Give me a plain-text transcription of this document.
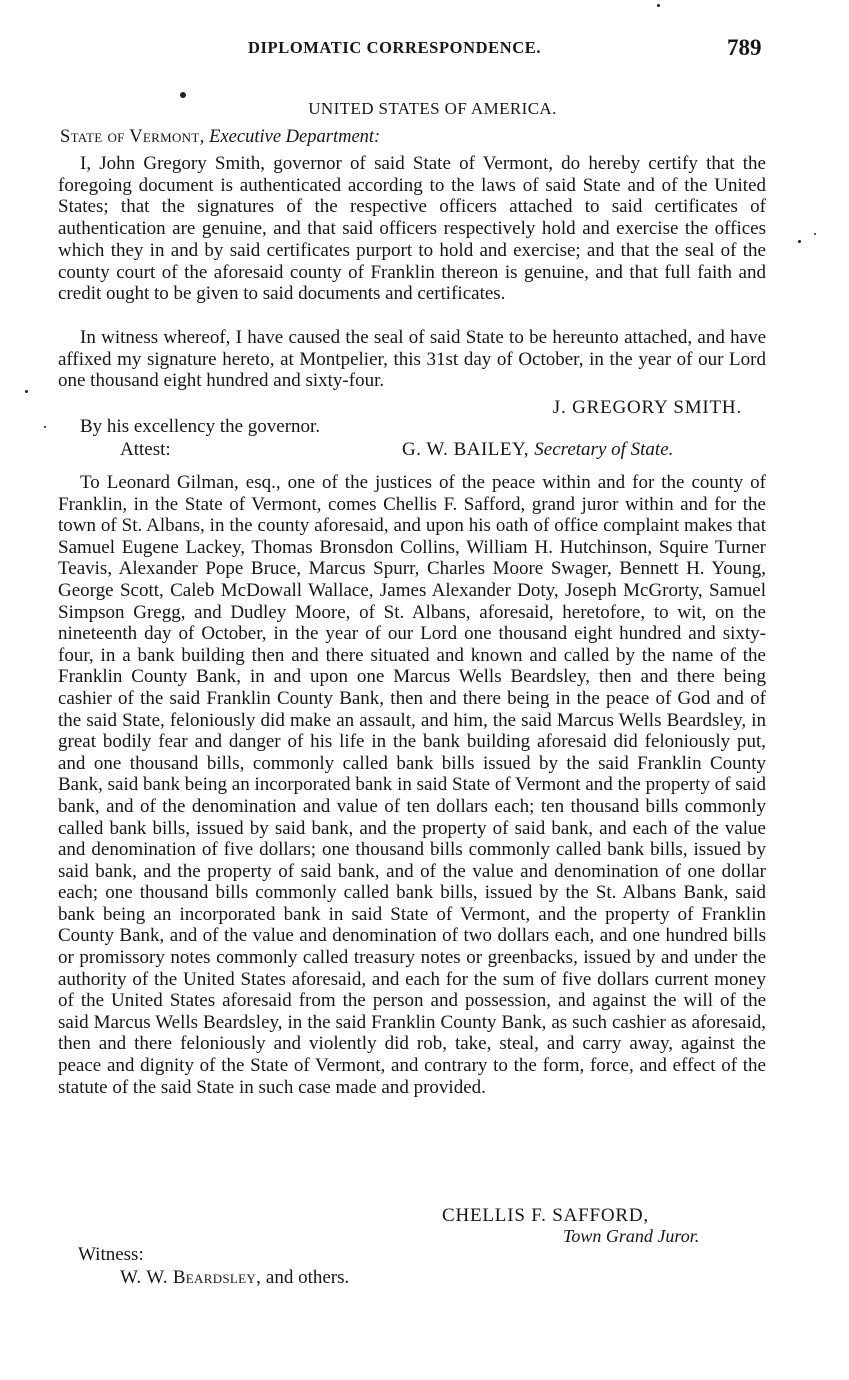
DIPLOMATIC CORRESPONDENCE.	789
UNITED STATES OF AMERICA.
State of Vermont, Executive Department:

I, John Gregory Smith, governor of said State of Vermont, do hereby certify that the foregoing document is authenticated according to the laws of said State and of the United States; that the signatures of the respective officers attached to said certificates of authentication are genuine, and that said officers respectively hold and exercise the offices which they in and by said certificates purport to hold and exercise; and that the seal of the county court of the aforesaid county of Franklin thereon is genuine, and that full faith and credit ought to be given to said documents and certificates.

In witness whereof, I have caused the seal of said State to be hereunto attached, and have affixed my signature hereto, at Montpelier, this 31st day of October, in the year of our Lord one thousand eight hundred and sixty-four.

J. GREGORY SMITH.
By his excellency the governor.
Attest:	G. W. BAILEY, Secretary of State.

To Leonard Gilman, esq., one of the justices of the peace within and for the county of Franklin, in the State of Vermont, comes Chellis F. Safford, grand juror within and for the town of St. Albans, in the county aforesaid, and upon his oath of office complaint makes that Samuel Eugene Lackey, Thomas Bronsdon Collins, William H. Hutchinson, Squire Turner Teavis, Alexander Pope Bruce, Marcus Spurr, Charles Moore Swager, Bennett H. Young, George Scott, Caleb McDowall Wallace, James Alexander Doty, Joseph McGrorty, Samuel Simpson Gregg, and Dudley Moore, of St. Albans, aforesaid, heretofore, to wit, on the nineteenth day of October, in the year of our Lord one thousand eight hundred and sixty-four, in a bank building then and there situated and known and called by the name of the Franklin County Bank, in and upon one Marcus Wells Beardsley, then and there being cashier of the said Franklin County Bank, then and there being in the peace of God and of the said State, feloniously did make an assault, and him, the said Marcus Wells Beardsley, in great bodily fear and danger of his life in the bank building aforesaid did feloniously put, and one thousand bills, commonly called bank bills issued by the said Franklin County Bank, said bank being an incorporated bank in said State of Vermont and the property of said bank, and of the denomination and value of ten dollars each; ten thousand bills commonly called bank bills, issued by said bank, and the property of said bank, and each of the value and denomination of five dollars; one thousand bills commonly called bank bills, issued by said bank, and the property of said bank, and of the value and denomination of one dollar each; one thousand bills commonly called bank bills, issued by the St. Albans Bank, said bank being an incorporated bank in said State of Vermont, and the property of Franklin County Bank, and of the value and denomination of two dollars each, and one hundred bills or promissory notes commonly called treasury notes or greenbacks, issued by and under the authority of the United States aforesaid, and each for the sum of five dollars current money of the United States aforesaid from the person and possession, and against the will of the said Marcus Wells Beardsley, in the said Franklin County Bank, as such cashier as aforesaid, then and there feloniously and violently did rob, take, steal, and carry away, against the peace and dignity of the State of Vermont, and contrary to the form, force, and effect of the statute of the said State in such case made and provided.

CHELLIS F. SAFFORD,
Town Grand Juror.
Witness:
W. W. Beardsley, and others.
